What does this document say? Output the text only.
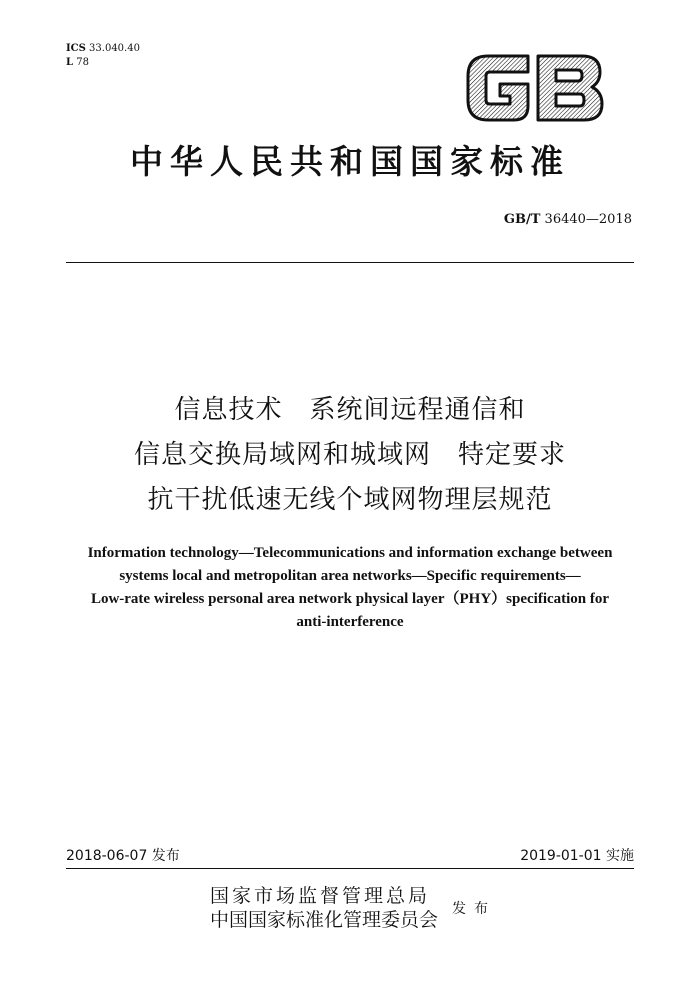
ICS 33.040.40
L 78
中华人民共和国国家标准
GB/T 36440—2018
信息技术　系统间远程通信和
信息交换局域网和城域网　特定要求
抗干扰低速无线个域网物理层规范
Information technology—Telecommunications and information exchange between
systems local and metropolitan area networks—Specific requirements—
Low-rate wireless personal area network physical layer（PHY）specification for
anti-interference
2018-06-07 发布	2019-01-01 实施
国家市场监督管理总局
中国国家标准化管理委员会 发布
